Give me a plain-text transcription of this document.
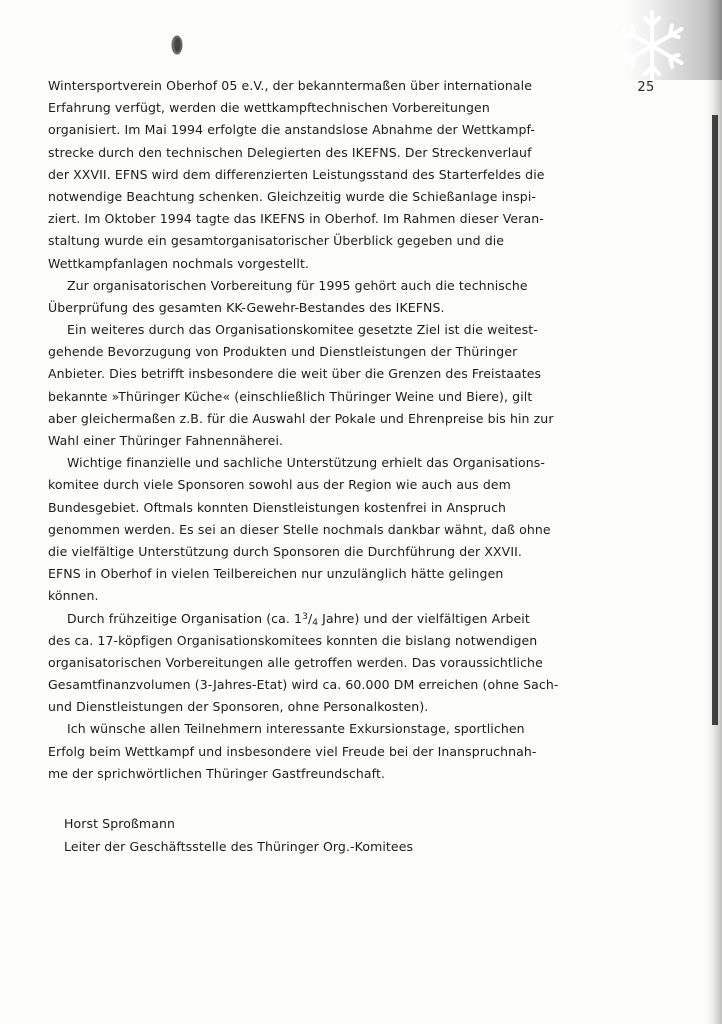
25
Wintersportverein Oberhof 05 e.V., der bekanntermaßen über internationale
Erfahrung verfügt, werden die wettkampftechnischen Vorbereitungen
organisiert. Im Mai 1994 erfolgte die anstandslose Abnahme der Wettkampf-
strecke durch den technischen Delegierten des IKEFNS. Der Streckenverlauf
der XXVII. EFNS wird dem differenzierten Leistungsstand des Starterfeldes die
notwendige Beachtung schenken. Gleichzeitig wurde die Schießanlage inspi-
ziert. Im Oktober 1994 tagte das IKEFNS in Oberhof. Im Rahmen dieser Veran-
staltung wurde ein gesamtorganisatorischer Überblick gegeben und die
Wettkampfanlagen nochmals vorgestellt.
Zur organisatorischen Vorbereitung für 1995 gehört auch die technische
Überprüfung des gesamten KK-Gewehr-Bestandes des IKEFNS.
Ein weiteres durch das Organisationskomitee gesetzte Ziel ist die weitest-
gehende Bevorzugung von Produkten und Dienstleistungen der Thüringer
Anbieter. Dies betrifft insbesondere die weit über die Grenzen des Freistaates
bekannte »Thüringer Küche« (einschließlich Thüringer Weine und Biere), gilt
aber gleichermaßen z.B. für die Auswahl der Pokale und Ehrenpreise bis hin zur
Wahl einer Thüringer Fahnennäherei.
Wichtige finanzielle und sachliche Unterstützung erhielt das Organisations-
komitee durch viele Sponsoren sowohl aus der Region wie auch aus dem
Bundesgebiet. Oftmals konnten Dienstleistungen kostenfrei in Anspruch
genommen werden. Es sei an dieser Stelle nochmals dankbar wähnt, daß ohne
die vielfältige Unterstützung durch Sponsoren die Durchführung der XXVII.
EFNS in Oberhof in vielen Teilbereichen nur unzulänglich hätte gelingen
können.
Durch frühzeitige Organisation (ca. $1^3/4$ Jahre) und der vielfältigen Arbeit
des ca. 17-köpfigen Organisationskomitees konnten die bislang notwendigen
organisatorischen Vorbereitungen alle getroffen werden. Das voraussichtliche
Gesamtfinanzvolumen (3-Jahres-Etat) wird ca. 60.000 DM erreichen (ohne Sach-
und Dienstleistungen der Sponsoren, ohne Personalkosten).
Ich wünsche allen Teilnehmern interessante Exkursionstage, sportlichen
Erfolg beim Wettkampf und insbesondere viel Freude bei der Inanspruchnah-
me der sprichwörtlichen Thüringer Gastfreundschaft.
Horst Sproßmann
Leiter der Geschäftsstelle des Thüringer Org.-Komitees
